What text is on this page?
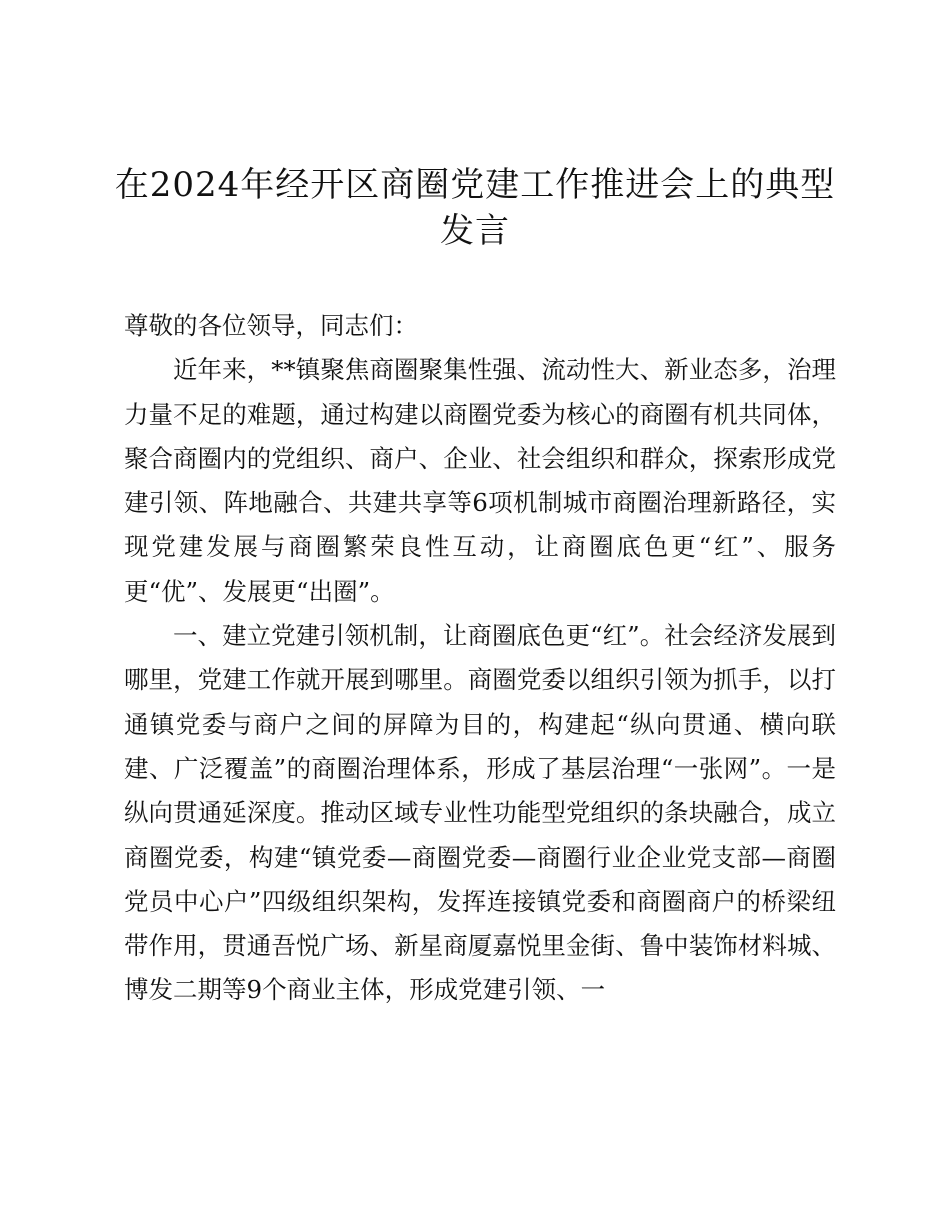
在2024年经开区商圈党建工作推进会上的典型发言

尊敬的各位领导，同志们：

近年来，**镇聚焦商圈聚集性强、流动性大、新业态多，治理力量不足的难题，通过构建以商圈党委为核心的商圈有机共同体，聚合商圈内的党组织、商户、企业、社会组织和群众，探索形成党建引领、阵地融合、共建共享等6项机制城市商圈治理新路径，实现党建发展与商圈繁荣良性互动，让商圈底色更“红”、服务更“优”、发展更“出圈”。

一、建立党建引领机制，让商圈底色更“红”。社会经济发展到哪里，党建工作就开展到哪里。商圈党委以组织引领为抓手，以打通镇党委与商户之间的屏障为目的，构建起“纵向贯通、横向联建、广泛覆盖”的商圈治理体系，形成了基层治理“一张网”。一是纵向贯通延深度。推动区域专业性功能型党组织的条块融合，成立商圈党委，构建“镇党委—商圈党委—商圈行业企业党支部—商圈党员中心户”四级组织架构，发挥连接镇党委和商圈商户的桥梁纽带作用，贯通吾悦广场、新星商厦嘉悦里金街、鲁中装饰材料城、博发二期等9个商业主体，形成党建引领、一
